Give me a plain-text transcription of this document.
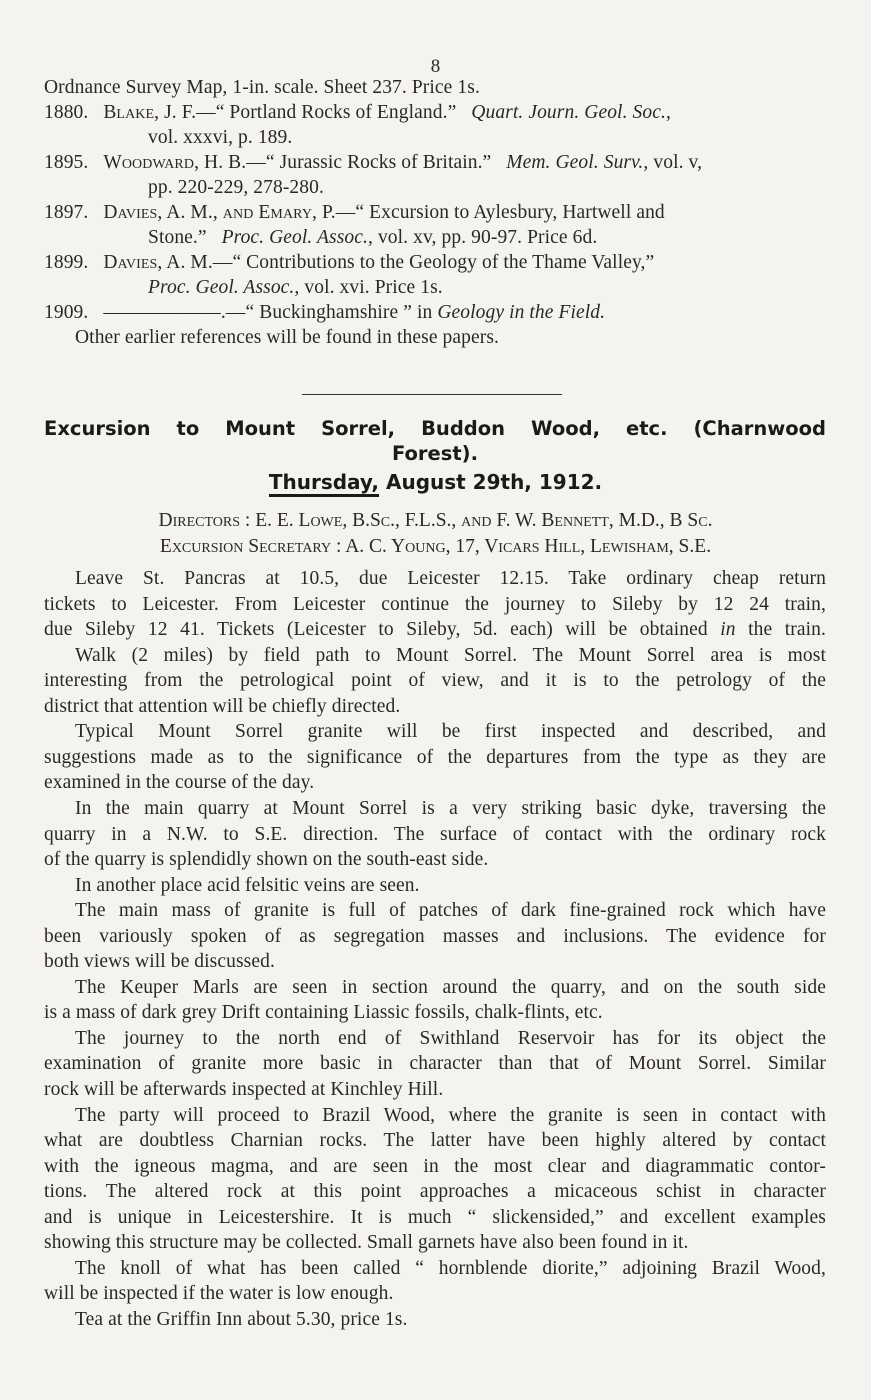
8
Ordnance Survey Map, 1-in. scale. Sheet 237. Price 1s.
1880. Blake, J. F.—“ Portland Rocks of England.” Quart. Journ. Geol. Soc.,
vol. xxxvi, p. 189.
1895. Woodward, H. B.—“ Jurassic Rocks of Britain.” Mem. Geol. Surv., vol. v,
pp. 220-229, 278-280.
1897. Davies, A. M., and Emary, P.—“ Excursion to Aylesbury, Hartwell and
Stone.” Proc. Geol. Assoc., vol. xv, pp. 90-97. Price 6d.
1899. Davies, A. M.—“ Contributions to the Geology of the Thame Valley,”
Proc. Geol. Assoc., vol. xvi. Price 1s.
1909. ——————.—“ Buckinghamshire ” in Geology in the Field.
Other earlier references will be found in these papers.
Excursion to Mount Sorrel, Buddon Wood, etc. (Charnwood
Forest).
Thursday, August 29th, 1912.
Directors : E. E. Lowe, B.Sc., F.L.S., and F. W. Bennett, M.D., B Sc.
Excursion Secretary : A. C. Young, 17, Vicars Hill, Lewisham, S.E.
Leave St. Pancras at 10.5, due Leicester 12.15. Take ordinary cheap return
tickets to Leicester. From Leicester continue the journey to Sileby by 12 24 train,
due Sileby 12 41. Tickets (Leicester to Sileby, 5d. each) will be obtained in the train.
Walk (2 miles) by field path to Mount Sorrel. The Mount Sorrel area is most
interesting from the petrological point of view, and it is to the petrology of the
district that attention will be chiefly directed.
Typical Mount Sorrel granite will be first inspected and described, and
suggestions made as to the significance of the departures from the type as they are
examined in the course of the day.
In the main quarry at Mount Sorrel is a very striking basic dyke, traversing the
quarry in a N.W. to S.E. direction. The surface of contact with the ordinary rock
of the quarry is splendidly shown on the south-east side.
In another place acid felsitic veins are seen.
The main mass of granite is full of patches of dark fine-grained rock which have
been variously spoken of as segregation masses and inclusions. The evidence for
both views will be discussed.
The Keuper Marls are seen in section around the quarry, and on the south side
is a mass of dark grey Drift containing Liassic fossils, chalk-flints, etc.
The journey to the north end of Swithland Reservoir has for its object the
examination of granite more basic in character than that of Mount Sorrel. Similar
rock will be afterwards inspected at Kinchley Hill.
The party will proceed to Brazil Wood, where the granite is seen in contact with
what are doubtless Charnian rocks. The latter have been highly altered by contact
with the igneous magma, and are seen in the most clear and diagrammatic contor-
tions. The altered rock at this point approaches a micaceous schist in character
and is unique in Leicestershire. It is much “ slickensided,” and excellent examples
showing this structure may be collected. Small garnets have also been found in it.
The knoll of what has been called “ hornblende diorite,” adjoining Brazil Wood,
will be inspected if the water is low enough.
Tea at the Griffin Inn about 5.30, price 1s.
